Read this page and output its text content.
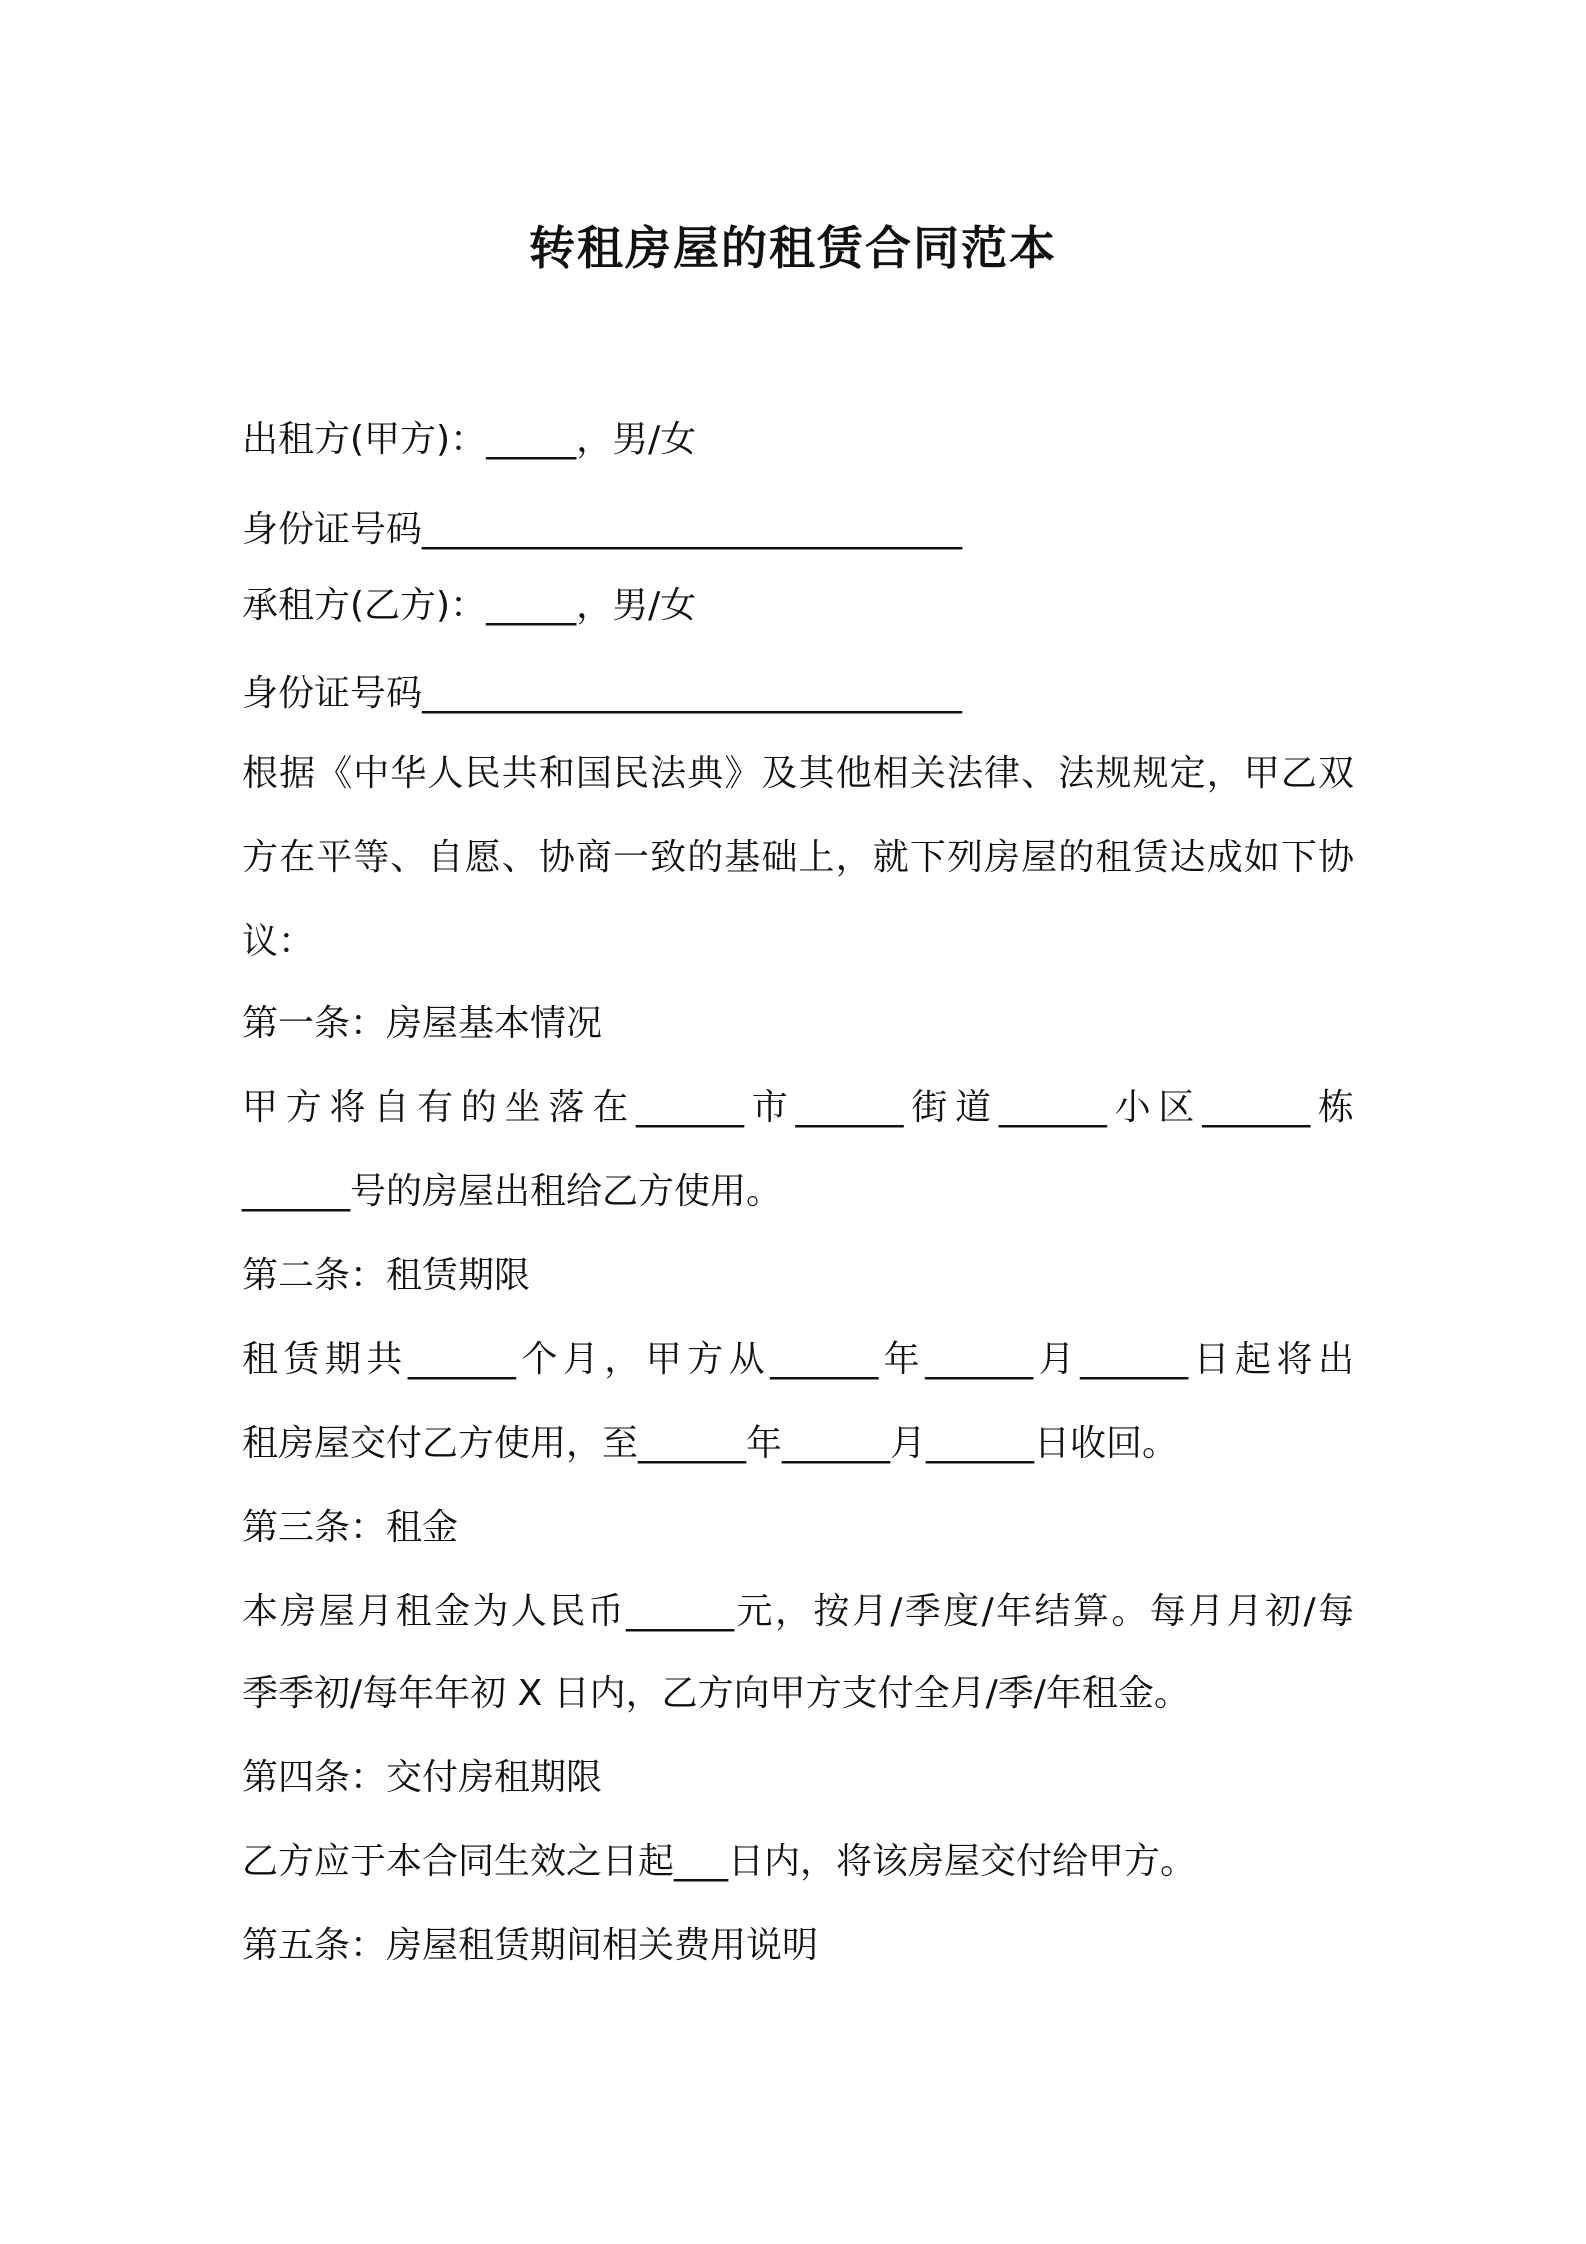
转租房屋的租赁合同范本
出租方(甲方)：_____，男/女
身份证号码______________________________
承租方(乙方)：_____，男/女
身份证号码______________________________
根据《中华人民共和国民法典》及其他相关法律、法规规定，甲乙双
方在平等、自愿、协商一致的基础上，就下列房屋的租赁达成如下协
议：
第一条：房屋基本情况
甲方将自有的坐落在______市______街道______小区______栋
______号的房屋出租给乙方使用。
第二条：租赁期限
租赁期共______个月，甲方从______年______月______日起将出
租房屋交付乙方使用，至______年______月______日收回。
第三条：租金
本房屋月租金为人民币______元，按月/季度/年结算。每月月初/每
季季初/每年年初 X 日内，乙方向甲方支付全月/季/年租金。
第四条：交付房租期限
乙方应于本合同生效之日起___日内，将该房屋交付给甲方。
第五条：房屋租赁期间相关费用说明
